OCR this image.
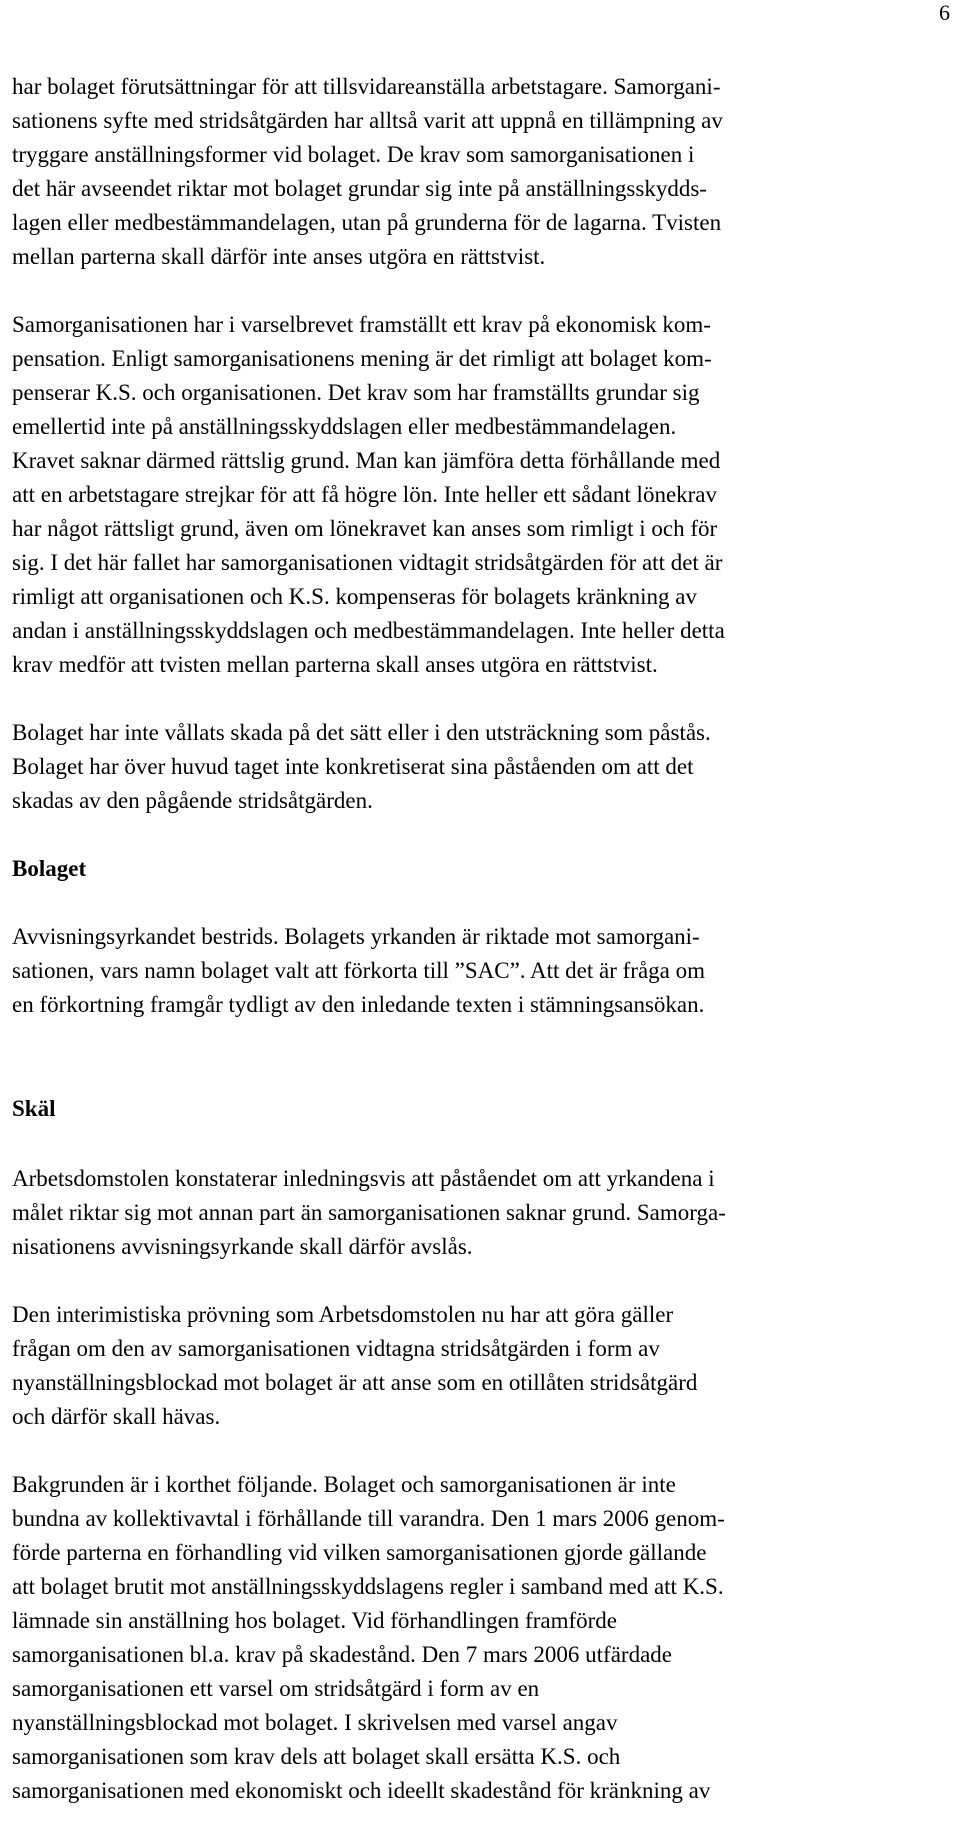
6

har bolaget förutsättningar för att tillsvidareanställa arbetstagare. Samorgani-
sationens syfte med stridsåtgärden har alltså varit att uppnå en tillämpning av
tryggare anställningsformer vid bolaget. De krav som samorganisationen i
det här avseendet riktar mot bolaget grundar sig inte på anställningsskydds-
lagen eller medbestämmandelagen, utan på grunderna för de lagarna. Tvisten
mellan parterna skall därför inte anses utgöra en rättstvist.

Samorganisationen har i varselbrevet framställt ett krav på ekonomisk kom-
pensation. Enligt samorganisationens mening är det rimligt att bolaget kom-
penserar K.S. och organisationen. Det krav som har framställts grundar sig
emellertid inte på anställningsskyddslagen eller medbestämmandelagen.
Kravet saknar därmed rättslig grund. Man kan jämföra detta förhållande med
att en arbetstagare strejkar för att få högre lön. Inte heller ett sådant lönekrav
har något rättsligt grund, även om lönekravet kan anses som rimligt i och för
sig. I det här fallet har samorganisationen vidtagit stridsåtgärden för att det är
rimligt att organisationen och K.S. kompenseras för bolagets kränkning av
andan i anställningsskyddslagen och medbestämmandelagen. Inte heller detta
krav medför att tvisten mellan parterna skall anses utgöra en rättstvist.

Bolaget har inte vållats skada på det sätt eller i den utsträckning som påstås.
Bolaget har över huvud taget inte konkretiserat sina påståenden om att det
skadas av den pågående stridsåtgärden.

Bolaget

Avvisningsyrkandet bestrids. Bolagets yrkanden är riktade mot samorgani-
sationen, vars namn bolaget valt att förkorta till ”SAC”. Att det är fråga om
en förkortning framgår tydligt av den inledande texten i stämningsansökan.

Skäl

Arbetsdomstolen konstaterar inledningsvis att påståendet om att yrkandena i
målet riktar sig mot annan part än samorganisationen saknar grund. Samorga-
nisationens avvisningsyrkande skall därför avslås.

Den interimistiska prövning som Arbetsdomstolen nu har att göra gäller
frågan om den av samorganisationen vidtagna stridsåtgärden i form av
nyanställningsblockad mot bolaget är att anse som en otillåten stridsåtgärd
och därför skall hävas.

Bakgrunden är i korthet följande. Bolaget och samorganisationen är inte
bundna av kollektivavtal i förhållande till varandra. Den 1 mars 2006 genom-
förde parterna en förhandling vid vilken samorganisationen gjorde gällande
att bolaget brutit mot anställningsskyddslagens regler i samband med att K.S.
lämnade sin anställning hos bolaget. Vid förhandlingen framförde
samorganisationen bl.a. krav på skadestånd. Den 7 mars 2006 utfärdade
samorganisationen ett varsel om stridsåtgärd i form av en
nyanställningsblockad mot bolaget. I skrivelsen med varsel angav
samorganisationen som krav dels att bolaget skall ersätta K.S. och
samorganisationen med ekonomiskt och ideellt skadestånd för kränkning av
